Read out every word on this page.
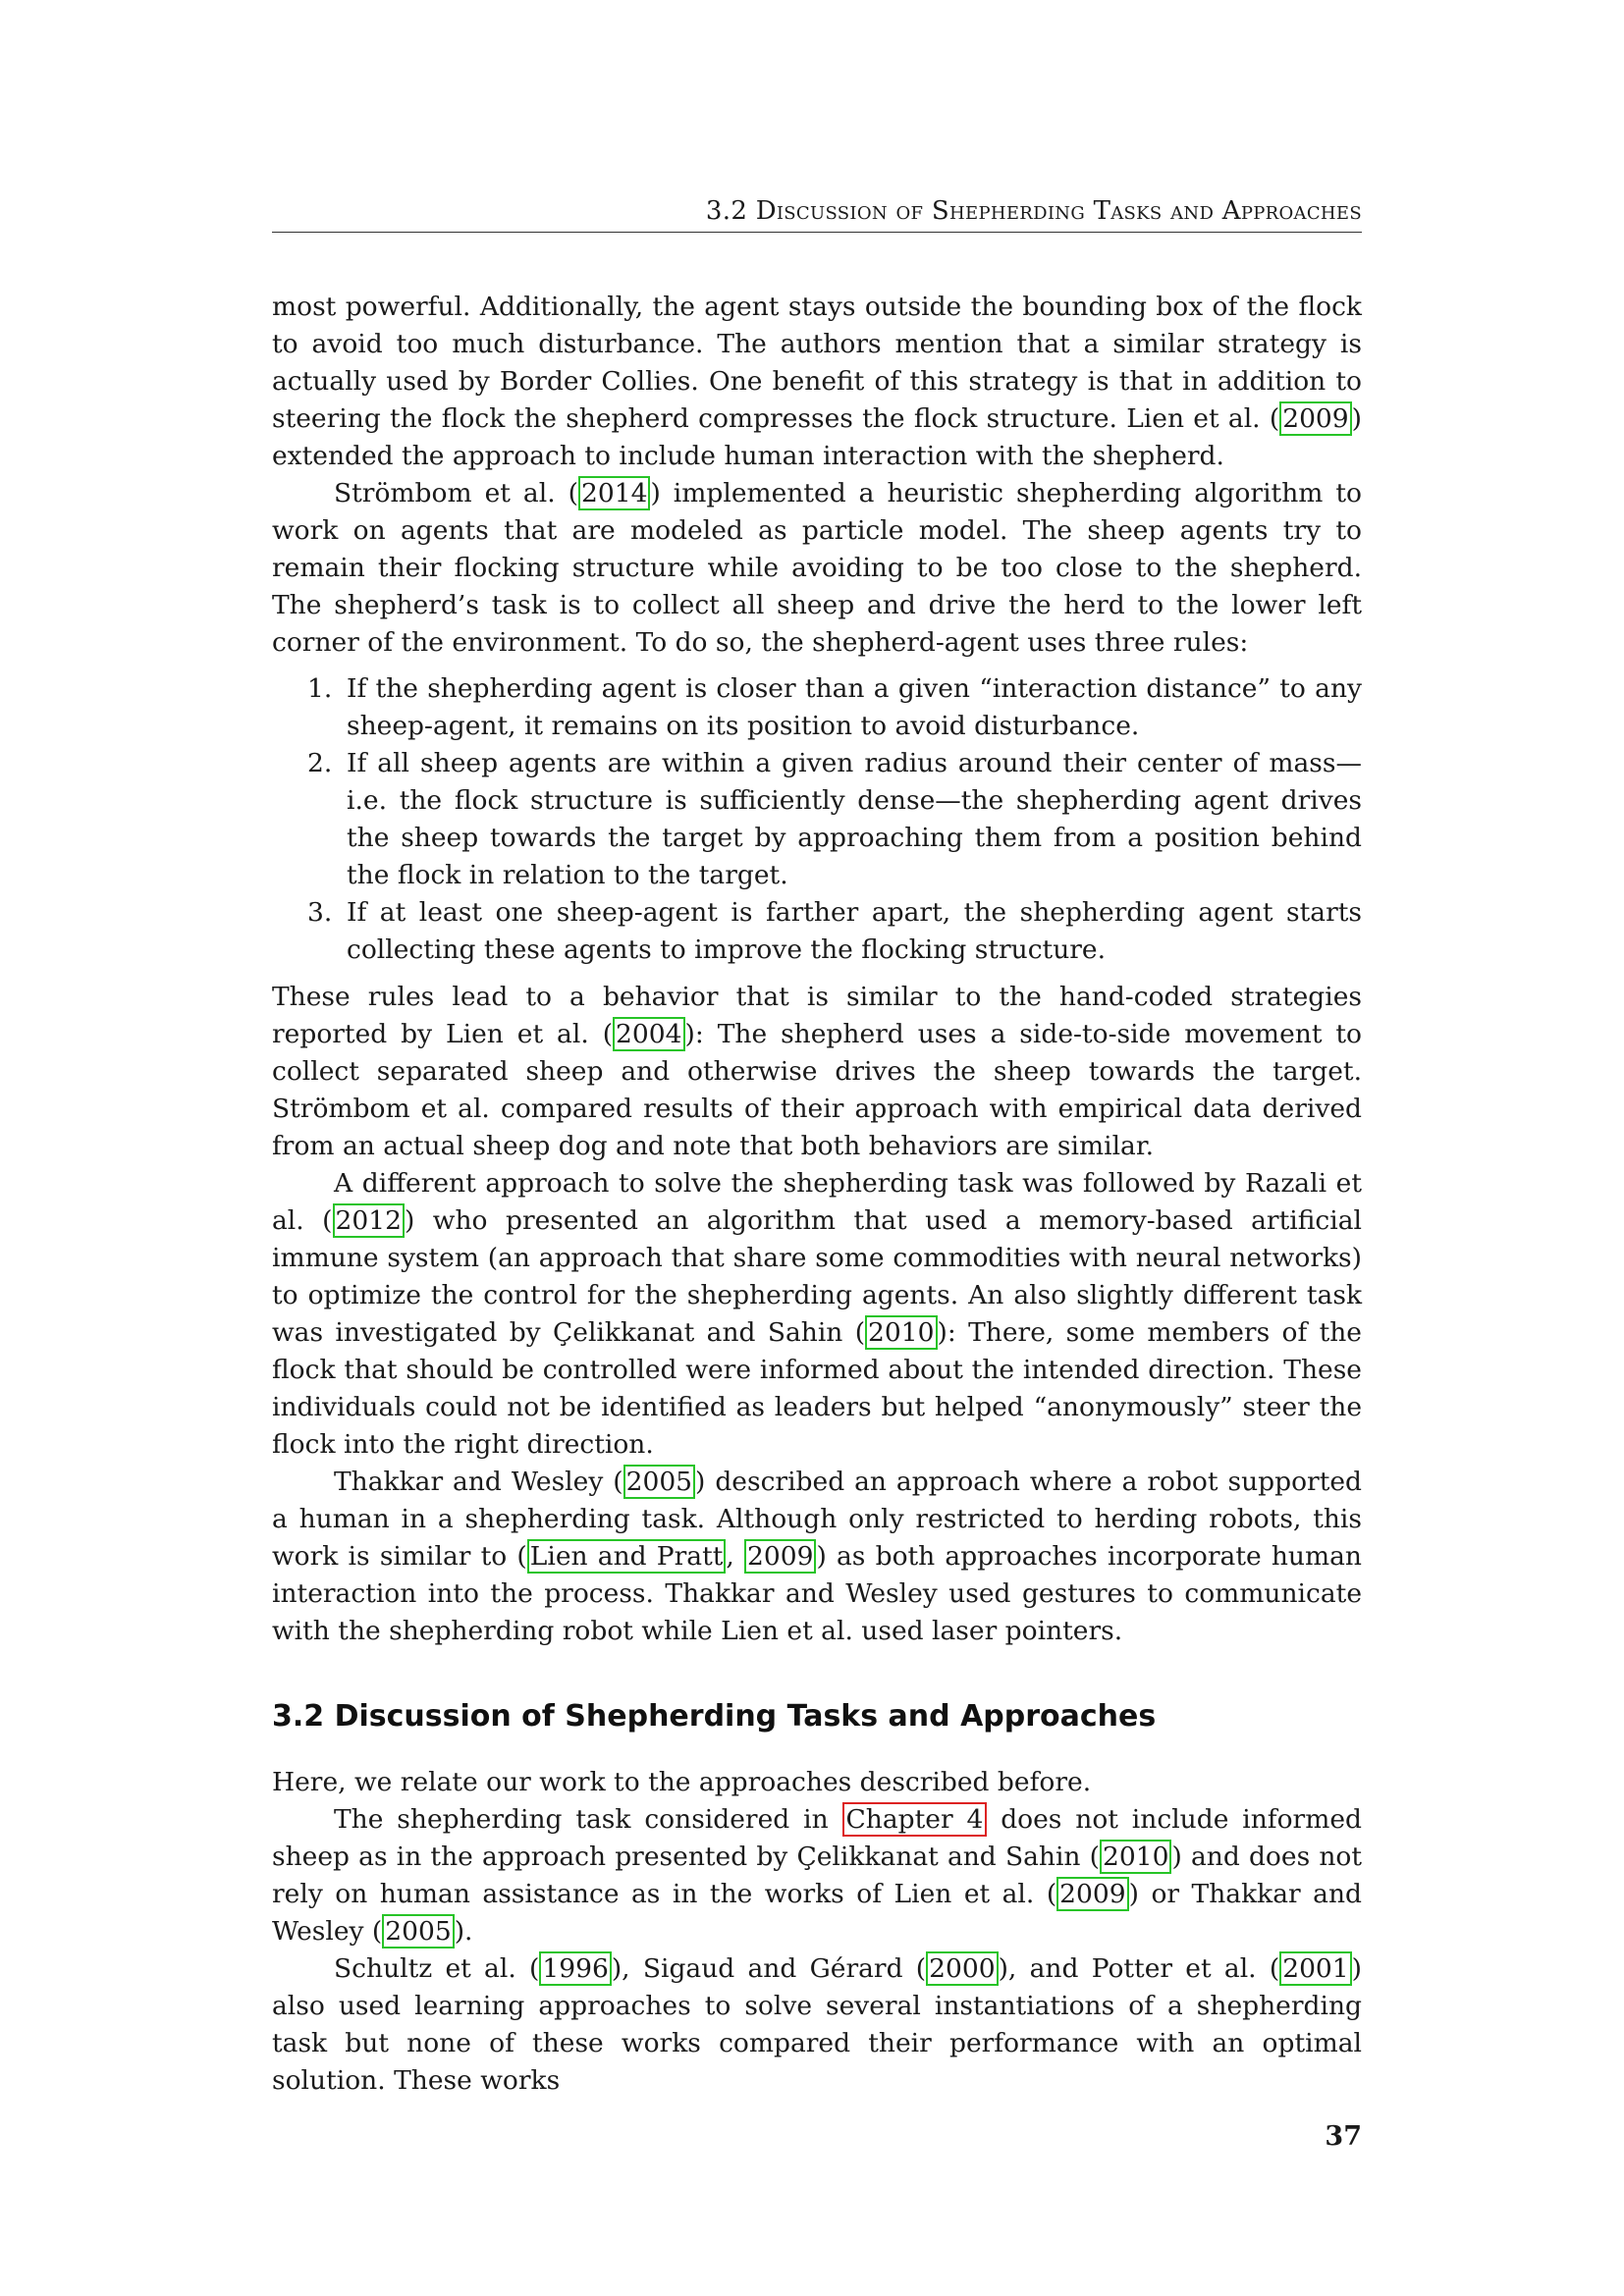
3.2 Discussion of Shepherding Tasks and Approaches

most powerful. Additionally, the agent stays outside the bounding box of the flock to avoid too much disturbance. The authors mention that a similar strategy is actually used by Border Collies. One benefit of this strategy is that in addition to steering the flock the shepherd compresses the flock structure. Lien et al. ( 2009 ) extended the approach to include human interaction with the shepherd.

Strömbom et al. ( 2014 ) implemented a heuristic shepherding algorithm to work on agents that are modeled as particle model. The sheep agents try to remain their flocking structure while avoiding to be too close to the shepherd. The shepherd’s task is to collect all sheep and drive the herd to the lower left corner of the environment. To do so, the shepherd-agent uses three rules:

1. If the shepherding agent is closer than a given “interaction distance” to any sheep-agent, it remains on its position to avoid disturbance.
2. If all sheep agents are within a given radius around their center of mass—i.e. the flock structure is sufficiently dense—the shepherding agent drives the sheep towards the target by approaching them from a position behind the flock in relation to the target.
3. If at least one sheep-agent is farther apart, the shepherding agent starts collecting these agents to improve the flocking structure.

These rules lead to a behavior that is similar to the hand-coded strategies reported by Lien et al. ( 2004 ): The shepherd uses a side-to-side movement to collect separated sheep and otherwise drives the sheep towards the target. Strömbom et al. compared results of their approach with empirical data derived from an actual sheep dog and note that both behaviors are similar.

A different approach to solve the shepherding task was followed by Razali et al. ( 2012 ) who presented an algorithm that used a memory-based artificial immune system (an approach that share some commodities with neural networks) to optimize the control for the shepherding agents. An also slightly different task was investigated by Çelikkanat and Sahin ( 2010 ): There, some members of the flock that should be controlled were informed about the intended direction. These individuals could not be identified as leaders but helped “anonymously” steer the flock into the right direction.

Thakkar and Wesley ( 2005 ) described an approach where a robot supported a human in a shepherding task. Although only restricted to herding robots, this work is similar to ( Lien and Pratt , 2009 ) as both approaches incorporate human interaction into the process. Thakkar and Wesley used gestures to communicate with the shepherding robot while Lien et al. used laser pointers.

3.2 Discussion of Shepherding Tasks and Approaches

Here, we relate our work to the approaches described before.

The shepherding task considered in Chapter 4 does not include informed sheep as in the approach presented by Çelikkanat and Sahin ( 2010 ) and does not rely on human assistance as in the works of Lien et al. ( 2009 ) or Thakkar and Wesley ( 2005 ).

Schultz et al. ( 1996 ), Sigaud and Gérard ( 2000 ), and Potter et al. ( 2001 ) also used learning approaches to solve several instantiations of a shepherding task but none of these works compared their performance with an optimal solution. These works

37
